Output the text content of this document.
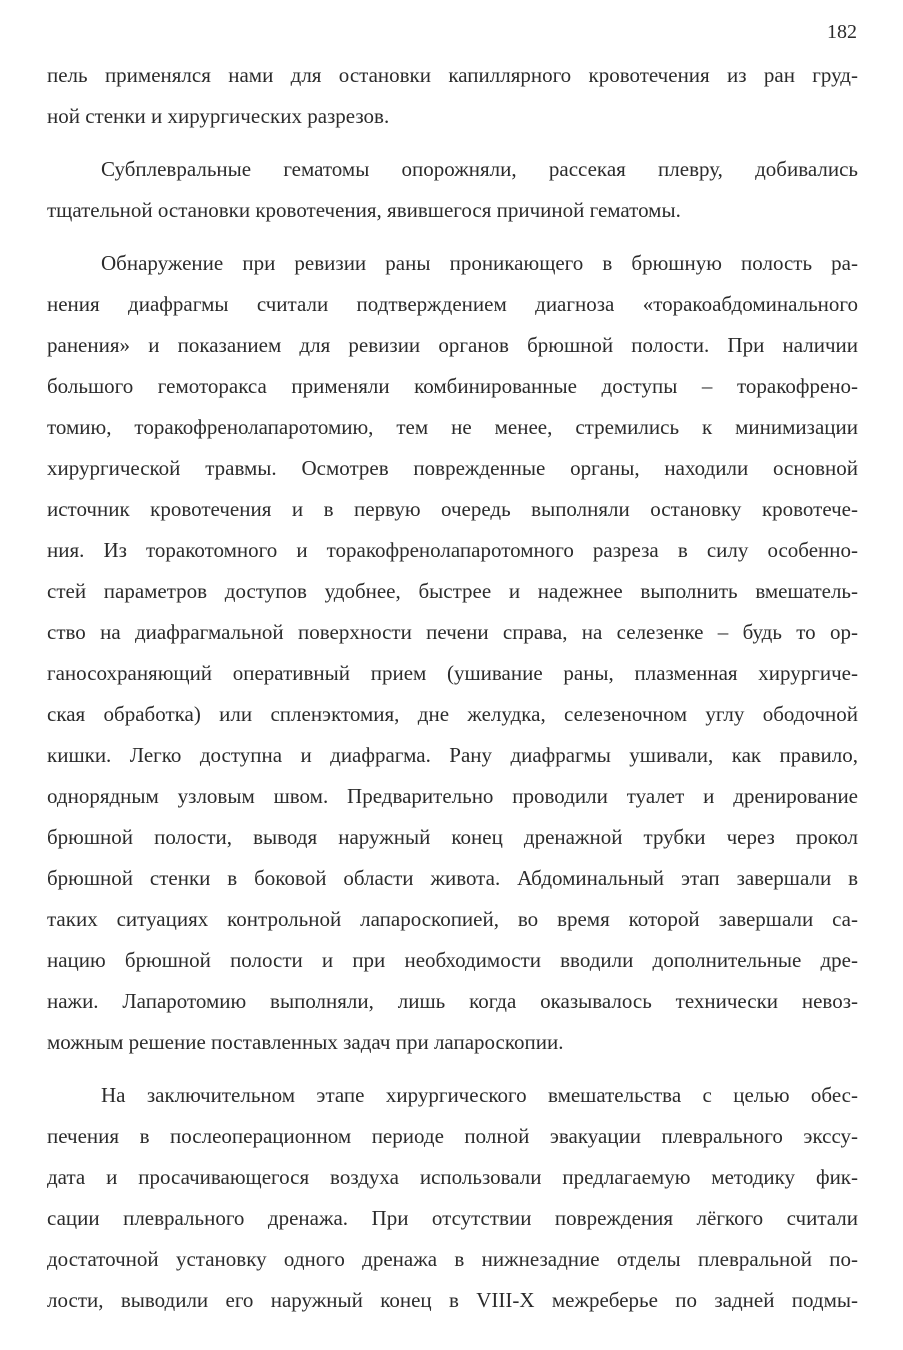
182
пель применялся нами для остановки капиллярного кровотечения из ран груд-
ной стенки и хирургических разрезов.
Субплевральные гематомы опорожняли, рассекая плевру, добивались
тщательной остановки кровотечения, явившегося причиной гематомы.
Обнаружение при ревизии раны проникающего в брюшную полость ра-
нения диафрагмы считали подтверждением диагноза «торакоабдоминального
ранения» и показанием для ревизии органов брюшной полости. При наличии
большого гемоторакса применяли комбинированные доступы – торакофрено-
томию, торакофренолапаротомию, тем не менее, стремились к минимизации
хирургической травмы. Осмотрев поврежденные органы, находили основной
источник кровотечения и в первую очередь выполняли остановку кровотече-
ния. Из торакотомного и торакофренолапаротомного разреза в силу особенно-
стей параметров доступов удобнее, быстрее и надежнее выполнить вмешатель-
ство на диафрагмальной поверхности печени справа, на селезенке – будь то ор-
ганосохраняющий оперативный прием (ушивание раны, плазменная хирургиче-
ская обработка) или спленэктомия, дне желудка, селезеночном углу ободочной
кишки. Легко доступна и диафрагма. Рану диафрагмы ушивали, как правило,
однорядным узловым швом. Предварительно проводили туалет и дренирование
брюшной полости, выводя наружный конец дренажной трубки через прокол
брюшной стенки в боковой области живота. Абдоминальный этап завершали в
таких ситуациях контрольной лапароскопией, во время которой завершали са-
нацию брюшной полости и при необходимости вводили дополнительные дре-
нажи. Лапаротомию выполняли, лишь когда оказывалось технически невоз-
можным решение поставленных задач при лапароскопии.
На заключительном этапе хирургического вмешательства с целью обес-
печения в послеоперационном периоде полной эвакуации плеврального экссу-
дата и просачивающегося воздуха использовали предлагаемую методику фик-
сации плеврального дренажа. При отсутствии повреждения лёгкого считали
достаточной установку одного дренажа в нижнезадние отделы плевральной по-
лости, выводили его наружный конец в VIII-X межреберье по задней подмы-
